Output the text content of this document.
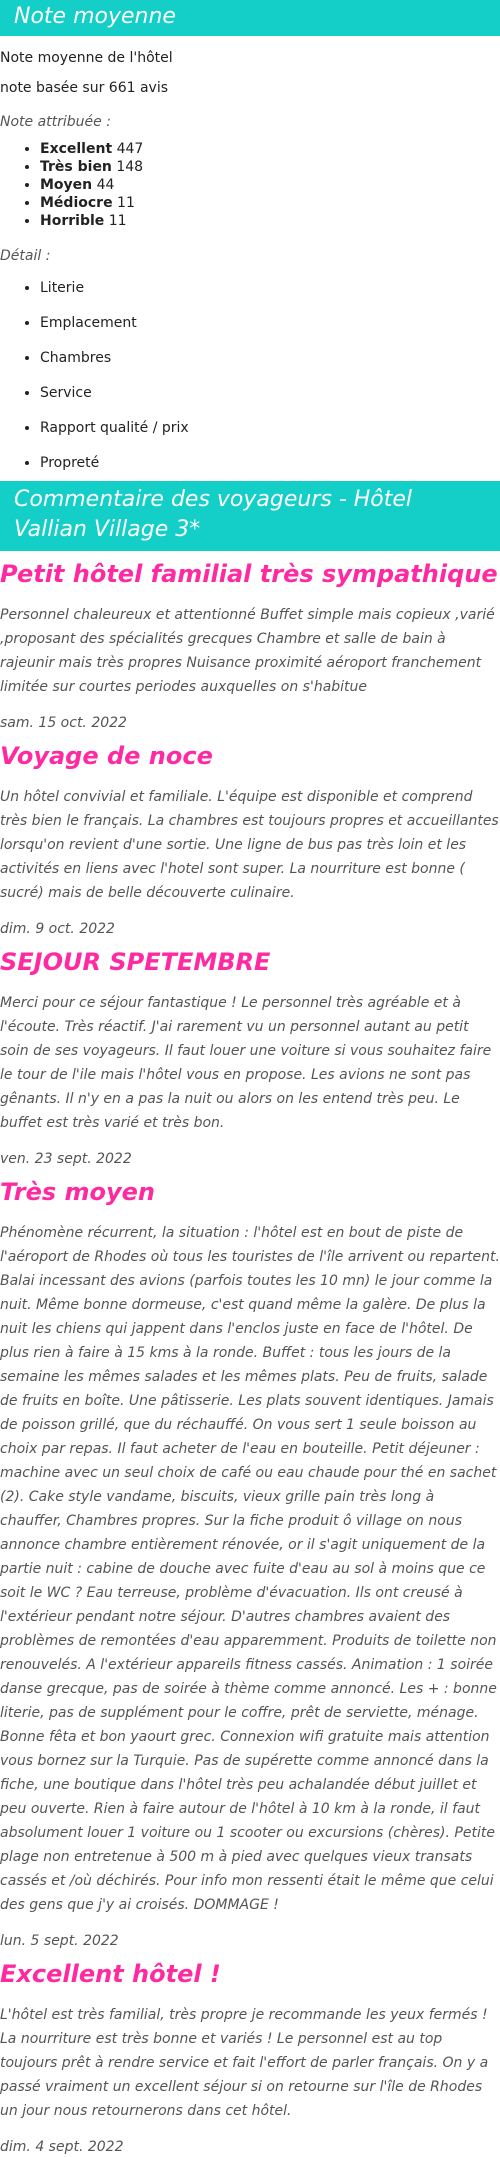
Note moyenne

Note moyenne de l'hôtel

note basée sur 661 avis

Note attribuée :

• Excellent 447
• Très bien 148
• Moyen 44
• Médiocre 11
• Horrible 11

Détail :

• Literie
• Emplacement
• Chambres
• Service
• Rapport qualité / prix
• Propreté
Commentaire des voyageurs - Hôtel Vallian Village 3*
Petit hôtel familial très sympathique

Personnel chaleureux et attentionné Buffet simple mais copieux ,varié ,proposant des spécialités grecques Chambre et salle de bain à rajeunir mais très propres Nuisance proximité aéroport franchement limitée sur courtes periodes auxquelles on s'habitue

sam. 15 oct. 2022

Voyage de noce

Un hôtel convivial et familiale. L'équipe est disponible et comprend très bien le français. La chambres est toujours propres et accueillantes lorsqu'on revient d'une sortie. Une ligne de bus pas très loin et les activités en liens avec l'hotel sont super. La nourriture est bonne ( sucré) mais de belle découverte culinaire.

dim. 9 oct. 2022

SEJOUR SPETEMBRE

Merci pour ce séjour fantastique ! Le personnel très agréable et à l'écoute. Très réactif. J'ai rarement vu un personnel autant au petit soin de ses voyageurs. Il faut louer une voiture si vous souhaitez faire le tour de l'ile mais l'hôtel vous en propose. Les avions ne sont pas gênants. Il n'y en a pas la nuit ou alors on les entend très peu. Le buffet est très varié et très bon.

ven. 23 sept. 2022

Très moyen

Phénomène récurrent, la situation : l'hôtel est en bout de piste de l'aéroport de Rhodes où tous les touristes de l'île arrivent ou repartent. Balai incessant des avions (parfois toutes les 10 mn) le jour comme la nuit. Même bonne dormeuse, c'est quand même la galère. De plus la nuit les chiens qui jappent dans l'enclos juste en face de l'hôtel. De plus rien à faire à 15 kms à la ronde. Buffet : tous les jours de la semaine les mêmes salades et les mêmes plats. Peu de fruits, salade de fruits en boîte. Une pâtisserie. Les plats souvent identiques. Jamais de poisson grillé, que du réchauffé. On vous sert 1 seule boisson au choix par repas. Il faut acheter de l'eau en bouteille. Petit déjeuner : machine avec un seul choix de café ou eau chaude pour thé en sachet (2). Cake style vandame, biscuits, vieux grille pain très long à chauffer, Chambres propres. Sur la fiche produit ô village on nous annonce chambre entièrement rénovée, or il s'agit uniquement de la partie nuit : cabine de douche avec fuite d'eau au sol à moins que ce soit le WC ? Eau terreuse, problème d'évacuation. Ils ont creusé à l'extérieur pendant notre séjour. D'autres chambres avaient des problèmes de remontées d'eau apparemment. Produits de toilette non renouvelés. A l'extérieur appareils fitness cassés. Animation : 1 soirée danse grecque, pas de soirée à thème comme annoncé. Les + : bonne literie, pas de supplément pour le coffre, prêt de serviette, ménage. Bonne fêta et bon yaourt grec. Connexion wifi gratuite mais attention vous bornez sur la Turquie. Pas de supérette comme annoncé dans la fiche, une boutique dans l'hôtel très peu achalandée début juillet et peu ouverte. Rien à faire autour de l'hôtel à 10 km à la ronde, il faut absolument louer 1 voiture ou 1 scooter ou excursions (chères). Petite plage non entretenue à 500 m à pied avec quelques vieux transats cassés et /où déchirés. Pour info mon ressenti était le même que celui des gens que j'y ai croisés. DOMMAGE !

lun. 5 sept. 2022

Excellent hôtel !

L'hôtel est très familial, très propre je recommande les yeux fermés ! La nourriture est très bonne et variés ! Le personnel est au top toujours prêt à rendre service et fait l'effort de parler français. On y a passé vraiment un excellent séjour si on retourne sur l'île de Rhodes un jour nous retournerons dans cet hôtel.

dim. 4 sept. 2022
